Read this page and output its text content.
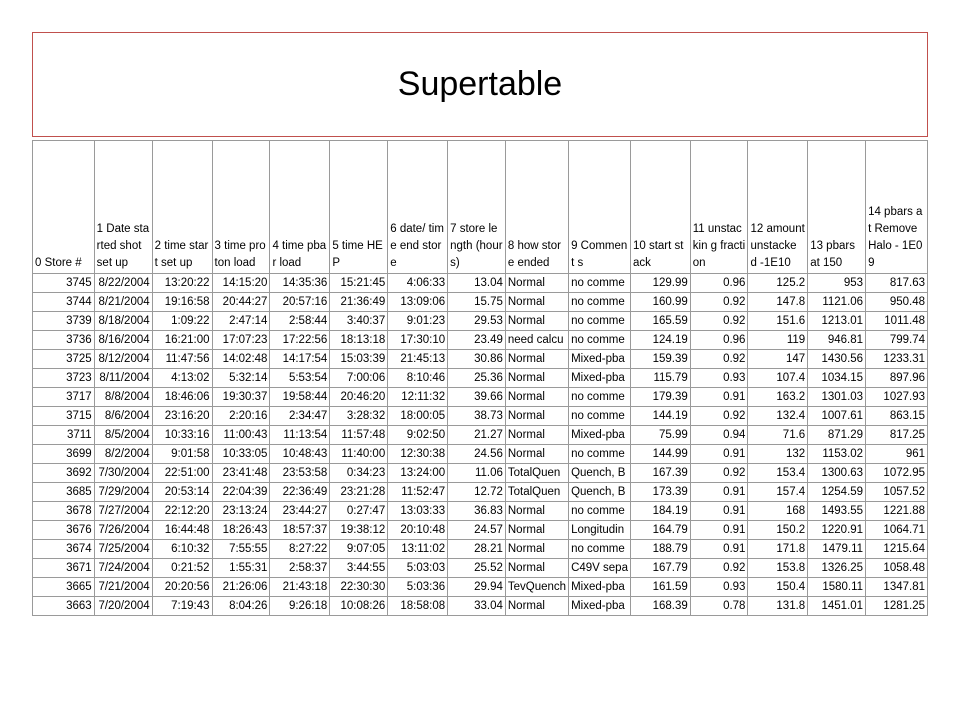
Supertable
0 Store #	1 Date started shot set up	2 time start set up	3 time proton load	4 time pbar load	5 time HEP	6 date/ time end store	7 store length (hours)	8 how store ended	9 Comment s	10 start stack	11 unstackin g fraction	12 amount unstacke d -1E10	13 pbars at 150	14 pbars at Remove Halo - 1E09
3745	8/22/2004	13:20:22	14:15:20	14:35:36	15:21:45	4:06:33	13.04	Normal	no comme	129.99	0.96	125.2	953	817.63
3744	8/21/2004	19:16:58	20:44:27	20:57:16	21:36:49	13:09:06	15.75	Normal	no comme	160.99	0.92	147.8	1121.06	950.48
3739	8/18/2004	1:09:22	2:47:14	2:58:44	3:40:37	9:01:23	29.53	Normal	no comme	165.59	0.92	151.6	1213.01	1011.48
3736	8/16/2004	16:21:00	17:07:23	17:22:56	18:13:18	17:30:10	23.49	need calcu	no comme	124.19	0.96	119	946.81	799.74
3725	8/12/2004	11:47:56	14:02:48	14:17:54	15:03:39	21:45:13	30.86	Normal	Mixed-pba	159.39	0.92	147	1430.56	1233.31
3723	8/11/2004	4:13:02	5:32:14	5:53:54	7:00:06	8:10:46	25.36	Normal	Mixed-pba	115.79	0.93	107.4	1034.15	897.96
3717	8/8/2004	18:46:06	19:30:37	19:58:44	20:46:20	12:11:32	39.66	Normal	no comme	179.39	0.91	163.2	1301.03	1027.93
3715	8/6/2004	23:16:20	2:20:16	2:34:47	3:28:32	18:00:05	38.73	Normal	no comme	144.19	0.92	132.4	1007.61	863.15
3711	8/5/2004	10:33:16	11:00:43	11:13:54	11:57:48	9:02:50	21.27	Normal	Mixed-pba	75.99	0.94	71.6	871.29	817.25
3699	8/2/2004	9:01:58	10:33:05	10:48:43	11:40:00	12:30:38	24.56	Normal	no comme	144.99	0.91	132	1153.02	961
3692	7/30/2004	22:51:00	23:41:48	23:53:58	0:34:23	13:24:00	11.06	TotalQuen	Quench, B	167.39	0.92	153.4	1300.63	1072.95
3685	7/29/2004	20:53:14	22:04:39	22:36:49	23:21:28	11:52:47	12.72	TotalQuen	Quench, B	173.39	0.91	157.4	1254.59	1057.52
3678	7/27/2004	22:12:20	23:13:24	23:44:27	0:27:47	13:03:33	36.83	Normal	no comme	184.19	0.91	168	1493.55	1221.88
3676	7/26/2004	16:44:48	18:26:43	18:57:37	19:38:12	20:10:48	24.57	Normal	Longitudin	164.79	0.91	150.2	1220.91	1064.71
3674	7/25/2004	6:10:32	7:55:55	8:27:22	9:07:05	13:11:02	28.21	Normal	no comme	188.79	0.91	171.8	1479.11	1215.64
3671	7/24/2004	0:21:52	1:55:31	2:58:37	3:44:55	5:03:03	25.52	Normal	C49V sepa	167.79	0.92	153.8	1326.25	1058.48
3665	7/21/2004	20:20:56	21:26:06	21:43:18	22:30:30	5:03:36	29.94	TevQuench	Mixed-pba	161.59	0.93	150.4	1580.11	1347.81
3663	7/20/2004	7:19:43	8:04:26	9:26:18	10:08:26	18:58:08	33.04	Normal	Mixed-pba	168.39	0.78	131.8	1451.01	1281.25
